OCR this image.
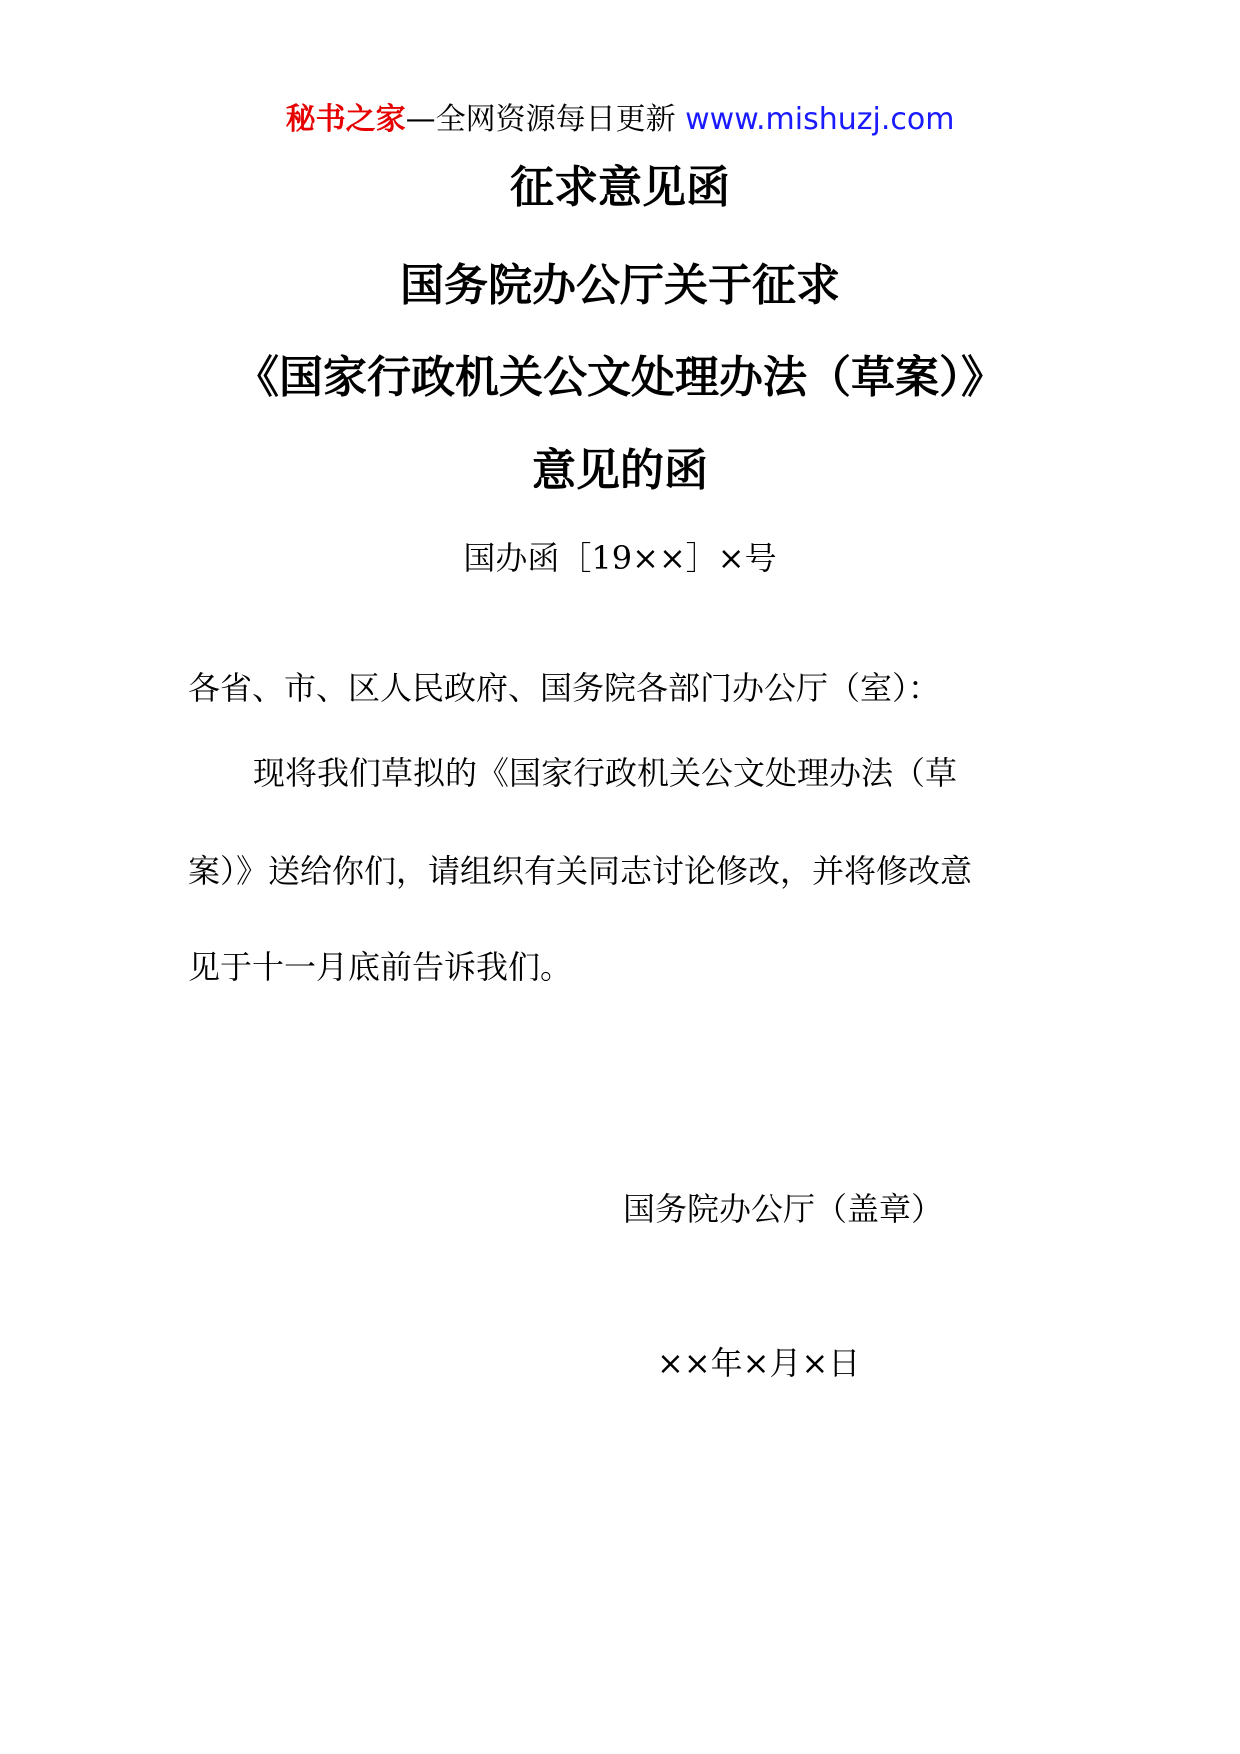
秘书之家—全网资源每日更新 www.mishuzj.com
征求意见函
国务院办公厅关于征求
《国家行政机关公文处理办法（草案）》
意见的函
国办函［19××］×号
各省、市、区人民政府、国务院各部门办公厅（室）：
现将我们草拟的《国家行政机关公文处理办法（草
案）》送给你们，请组织有关同志讨论修改，并将修改意
见于十一月底前告诉我们。
国务院办公厅（盖章）
××年×月×日
